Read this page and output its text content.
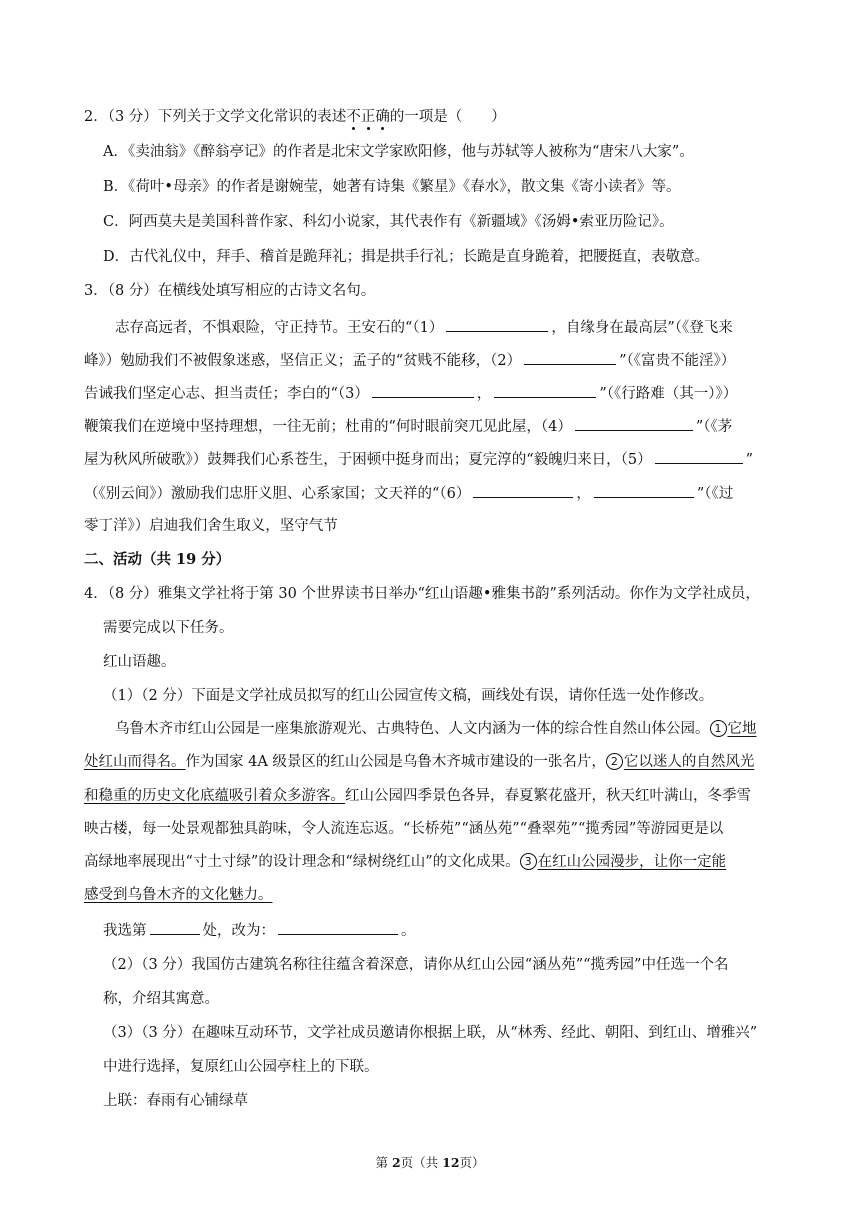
2．（3 分）下列关于文学文化常识的表述不正确的一项是（　　）
A．《卖油翁》《醉翁亭记》的作者是北宋文学家欧阳修，他与苏轼等人被称为“唐宋八大家”。
B．《荷叶•母亲》的作者是谢婉莹，她著有诗集《繁星》《春水》，散文集《寄小读者》等。
C．阿西莫夫是美国科普作家、科幻小说家，其代表作有《新疆域》《汤姆•索亚历险记》。
D．古代礼仪中，拜手、稽首是跪拜礼；揖是拱手行礼；长跪是直身跪着，把腰挺直，表敬意。
3．（8 分）在横线处填写相应的古诗文名句。
志存高远者，不惧艰险，守正持节。王安石的“（1）	，自缘身在最高层”（《登飞来
峰》）勉励我们不被假象迷惑，坚信正义；孟子的“贫贱不能移，（2）	”（《富贵不能淫》）
告诫我们坚定心志、担当责任；李白的“（3）	，	”（《行路难（其一）》）
鞭策我们在逆境中坚持理想，一往无前；杜甫的“何时眼前突兀见此屋，（4）	”（《茅
屋为秋风所破歌》）鼓舞我们心系苍生，于困顿中挺身而出；夏完淳的“毅魄归来日，（5）	”
（《别云间》）激励我们忠肝义胆、心系家国；文天祥的“（6）	，	”（《过
零丁洋》）启迪我们舍生取义，坚守气节
二、活动（共 19 分）
4．（8 分）雅集文学社将于第 30 个世界读书日举办“红山语趣•雅集书韵”系列活动。你作为文学社成员，
需要完成以下任务。
红山语趣。
（1）（2 分）下面是文学社成员拟写的红山公园宣传文稿，画线处有误，请你任选一处作修改。
乌鲁木齐市红山公园是一座集旅游观光、古典特色、人文内涵为一体的综合性自然山体公园。 1 它地
处红山而得名。作为国家 4A 级景区的红山公园是乌鲁木齐城市建设的一张名片， 2 它以迷人的自然风光
和稳重的历史文化底蕴吸引着众多游客。红山公园四季景色各异，春夏繁花盛开，秋天红叶满山，冬季雪
映古楼，每一处景观都独具韵味，令人流连忘返。“长桥苑”“涵丛苑”“叠翠苑”“揽秀园”等游园更是以
高绿地率展现出“寸土寸绿”的设计理念和“绿树绕红山”的文化成果。 3 在红山公园漫步，让你一定能
感受到乌鲁木齐的文化魅力。
我选第	处，改为：	。
（2）（3 分）我国仿古建筑名称往往蕴含着深意，请你从红山公园“涵丛苑”“揽秀园”中任选一个名
称，介绍其寓意。
（3）（3 分）在趣味互动环节，文学社成员邀请你根据上联，从“林秀、经此、朝阳、到红山、增雅兴”
中进行选择，复原红山公园亭柱上的下联。
上联：春雨有心铺绿草
第 2页（共 12页）
